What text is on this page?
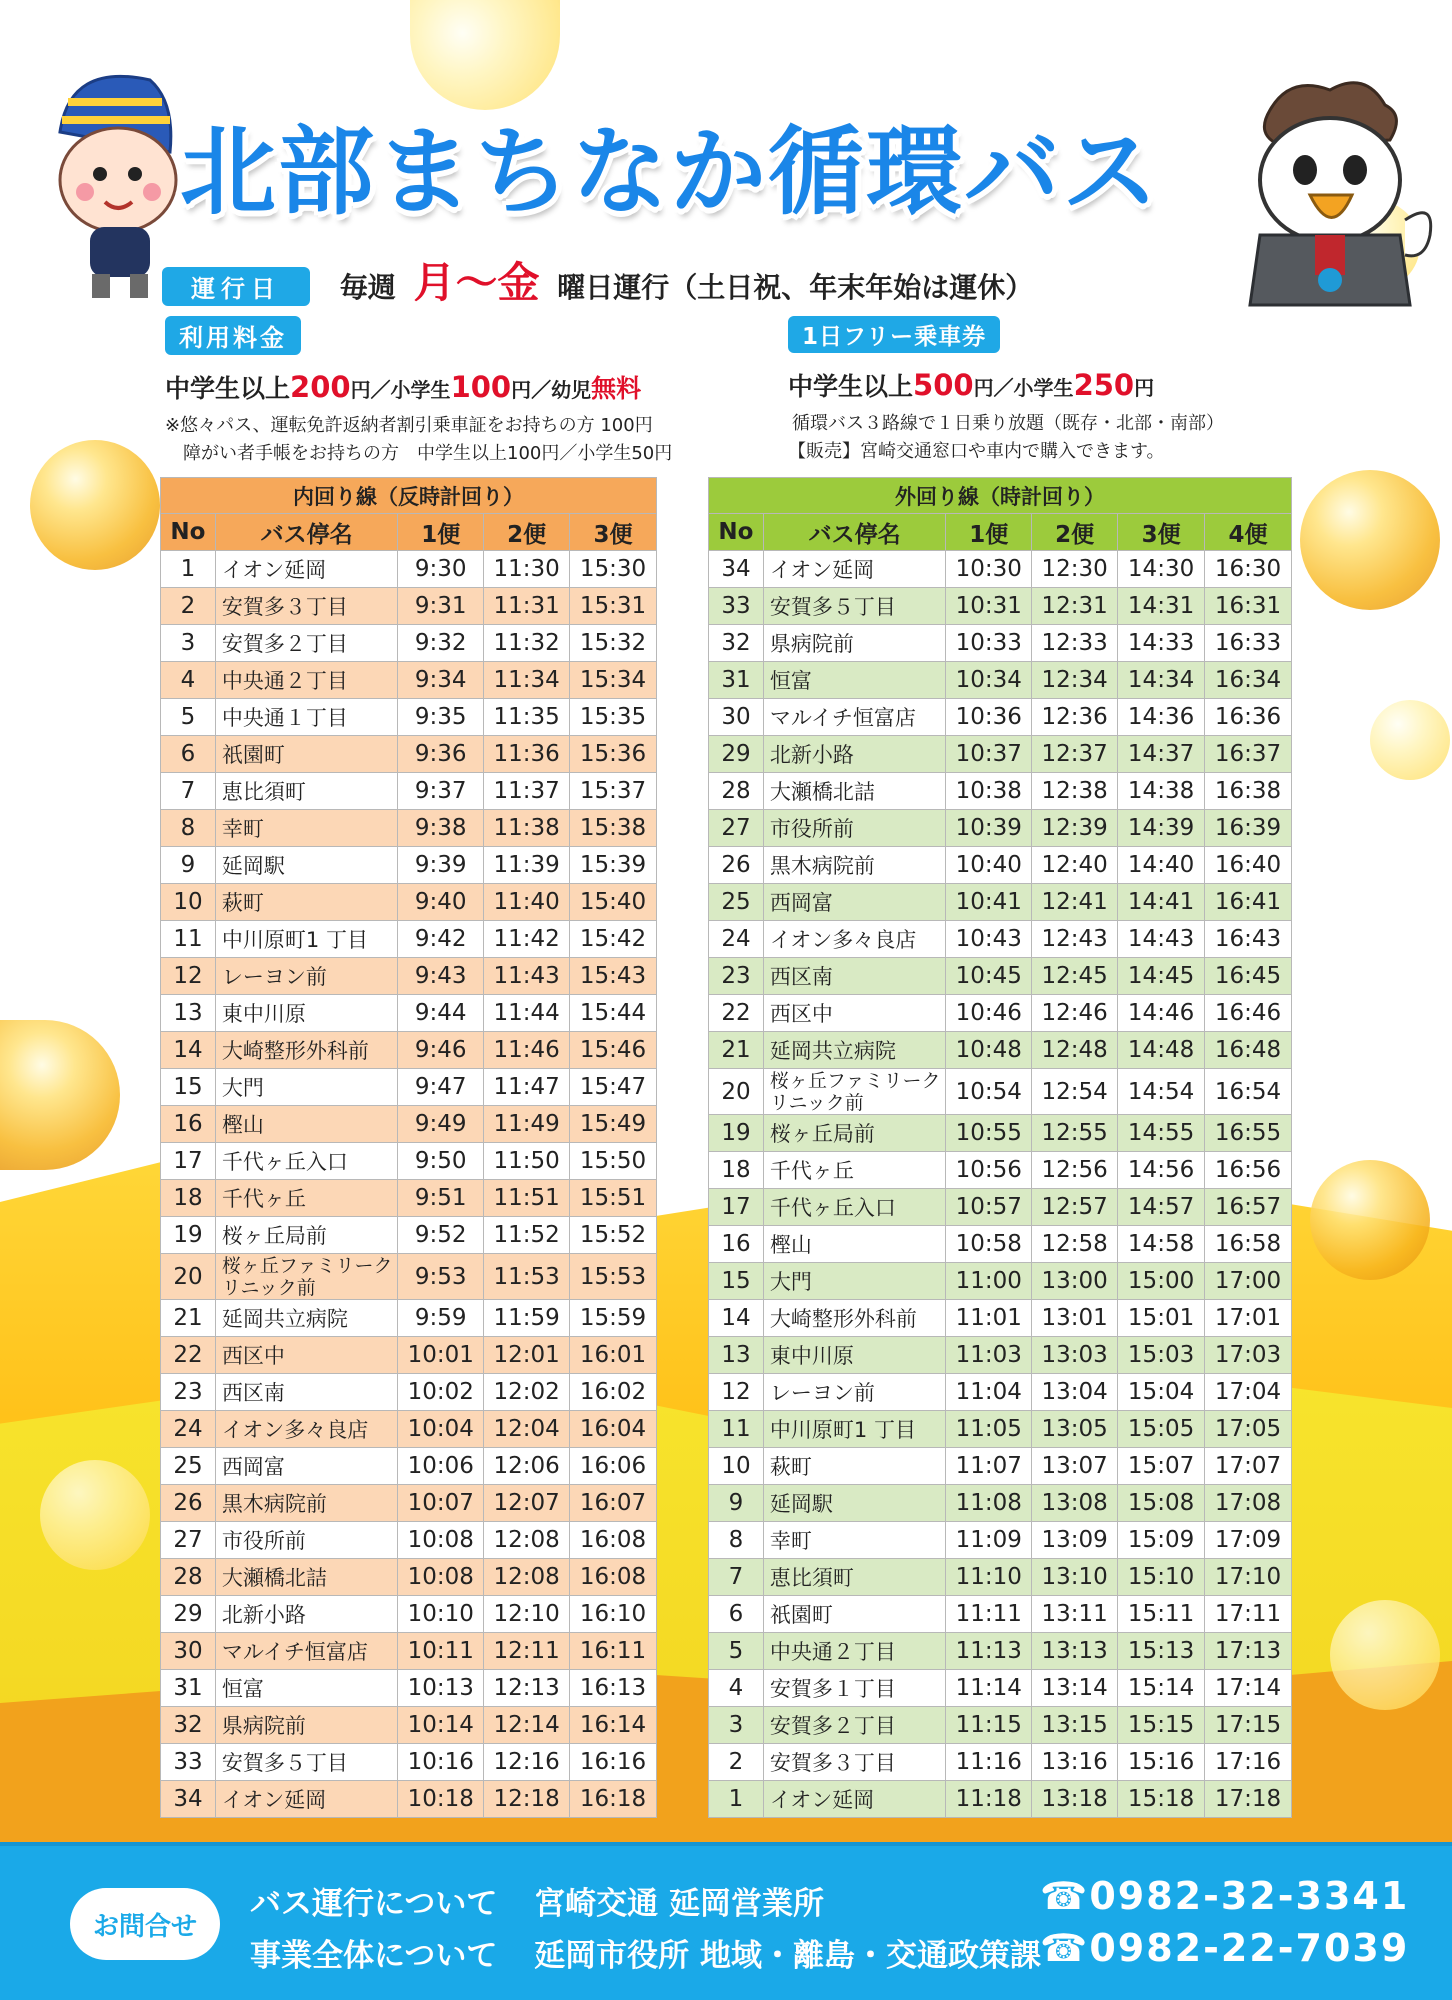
北部まちなか循環バス
運行日 毎週 月～金 曜日運行（土日祝、年末年始は運休）
利用料金
中学生以上200円／小学生100円／幼児無料
※悠々パス、運転免許返納者割引乗車証をお持ちの方 100円
障がい者手帳をお持ちの方　中学生以上100円／小学生50円
1日フリー乗車券
中学生以上500円／小学生250円
循環バス３路線で１日乗り放題（既存・北部・南部）
【販売】宮崎交通窓口や車内で購入できます。
内回り線（反時計回り）				
No	バス停名	1便	2便	3便
1	イオン延岡	9:30	11:30	15:30
2	安賀多３丁目	9:31	11:31	15:31
3	安賀多２丁目	9:32	11:32	15:32
4	中央通２丁目	9:34	11:34	15:34
5	中央通１丁目	9:35	11:35	15:35
6	祇園町	9:36	11:36	15:36
7	恵比須町	9:37	11:37	15:37
8	幸町	9:38	11:38	15:38
9	延岡駅	9:39	11:39	15:39
10	萩町	9:40	11:40	15:40
11	中川原町1 丁目	9:42	11:42	15:42
12	レーヨン前	9:43	11:43	15:43
13	東中川原	9:44	11:44	15:44
14	大崎整形外科前	9:46	11:46	15:46
15	大門	9:47	11:47	15:47
16	樫山	9:49	11:49	15:49
17	千代ヶ丘入口	9:50	11:50	15:50
18	千代ヶ丘	9:51	11:51	15:51
19	桜ヶ丘局前	9:52	11:52	15:52
20	桜ヶ丘ファミリークリニック前	9:53	11:53	15:53
21	延岡共立病院	9:59	11:59	15:59
22	西区中	10:01	12:01	16:01
23	西区南	10:02	12:02	16:02
24	イオン多々良店	10:04	12:04	16:04
25	西岡富	10:06	12:06	16:06
26	黒木病院前	10:07	12:07	16:07
27	市役所前	10:08	12:08	16:08
28	大瀬橋北詰	10:08	12:08	16:08
29	北新小路	10:10	12:10	16:10
30	マルイチ恒富店	10:11	12:11	16:11
31	恒富	10:13	12:13	16:13
32	県病院前	10:14	12:14	16:14
33	安賀多５丁目	10:16	12:16	16:16
34	イオン延岡	10:18	12:18	16:18
外回り線（時計回り）					
No	バス停名	1便	2便	3便	4便
34	イオン延岡	10:30	12:30	14:30	16:30
33	安賀多５丁目	10:31	12:31	14:31	16:31
32	県病院前	10:33	12:33	14:33	16:33
31	恒富	10:34	12:34	14:34	16:34
30	マルイチ恒富店	10:36	12:36	14:36	16:36
29	北新小路	10:37	12:37	14:37	16:37
28	大瀬橋北詰	10:38	12:38	14:38	16:38
27	市役所前	10:39	12:39	14:39	16:39
26	黒木病院前	10:40	12:40	14:40	16:40
25	西岡富	10:41	12:41	14:41	16:41
24	イオン多々良店	10:43	12:43	14:43	16:43
23	西区南	10:45	12:45	14:45	16:45
22	西区中	10:46	12:46	14:46	16:46
21	延岡共立病院	10:48	12:48	14:48	16:48
20	桜ヶ丘ファミリークリニック前	10:54	12:54	14:54	16:54
19	桜ヶ丘局前	10:55	12:55	14:55	16:55
18	千代ヶ丘	10:56	12:56	14:56	16:56
17	千代ヶ丘入口	10:57	12:57	14:57	16:57
16	樫山	10:58	12:58	14:58	16:58
15	大門	11:00	13:00	15:00	17:00
14	大崎整形外科前	11:01	13:01	15:01	17:01
13	東中川原	11:03	13:03	15:03	17:03
12	レーヨン前	11:04	13:04	15:04	17:04
11	中川原町1 丁目	11:05	13:05	15:05	17:05
10	萩町	11:07	13:07	15:07	17:07
9	延岡駅	11:08	13:08	15:08	17:08
8	幸町	11:09	13:09	15:09	17:09
7	恵比須町	11:10	13:10	15:10	17:10
6	祇園町	11:11	13:11	15:11	17:11
5	中央通２丁目	11:13	13:13	15:13	17:13
4	安賀多１丁目	11:14	13:14	15:14	17:14
3	安賀多２丁目	11:15	13:15	15:15	17:15
2	安賀多３丁目	11:16	13:16	15:16	17:16
1	イオン延岡	11:18	13:18	15:18	17:18
お問合せ
バス運行について 宮崎交通 延岡営業所	☎0982-32-3341
事業全体について 延岡市役所 地域・離島・交通政策課 ☎0982-22-7039
